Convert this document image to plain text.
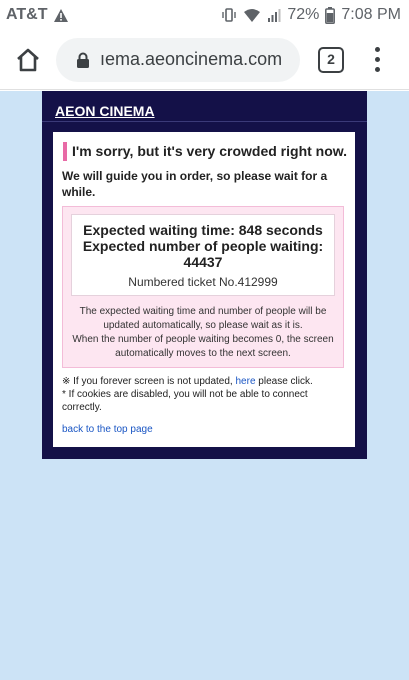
AT&T	72% 7:08 PM
ıema.aeoncinema.com	2
AEON CINEMA
I'm sorry, but it's very crowded right now.
We will guide you in order, so please wait for a while.
Expected waiting time: 848 seconds
Expected number of people waiting:
44437
Numbered ticket No.412999
The expected waiting time and number of people will be updated automatically, so please wait as it is.
When the number of people waiting becomes 0, the screen automatically moves to the next screen.
※ If you forever screen is not updated, here please click.
* If cookies are disabled, you will not be able to connect correctly.
back to the top page
